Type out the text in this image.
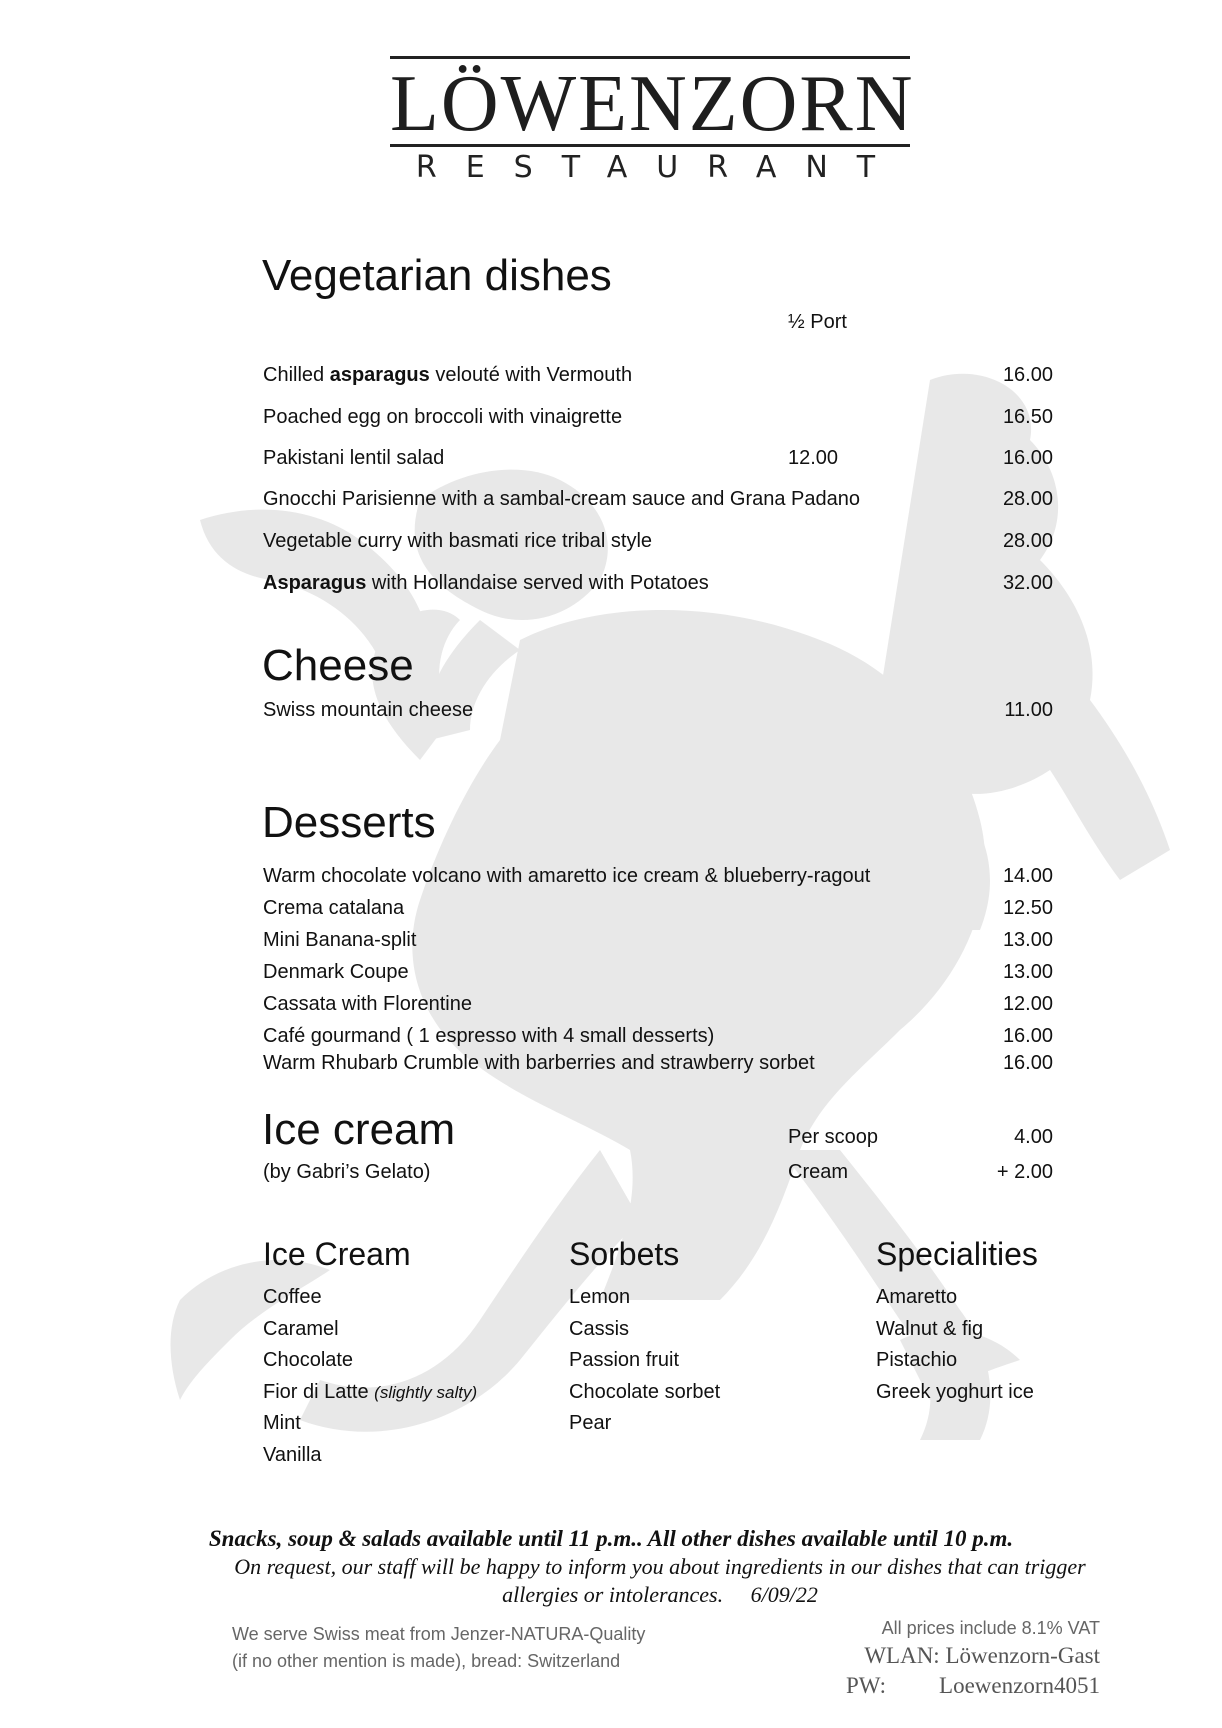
LÖWENZORN
RESTAURANT
Vegetarian dishes
½ Port
Chilled asparagus velouté with Vermouth	16.00
Poached egg on broccoli with vinaigrette	16.50
Pakistani lentil salad	12.00	16.00
Gnocchi Parisienne with a sambal-cream sauce and Grana Padano	28.00
Vegetable curry with basmati rice tribal style	28.00
Asparagus with Hollandaise served with Potatoes	32.00
Cheese
Swiss mountain cheese	11.00
Desserts
Warm chocolate volcano with amaretto ice cream & blueberry-ragout	14.00
Crema catalana	12.50
Mini Banana-split	13.00
Denmark Coupe	13.00
Cassata with Florentine	12.00
Café gourmand ( 1 espresso with 4 small desserts)	16.00
Warm Rhubarb Crumble with barberries and strawberry sorbet	16.00
Ice cream
(by Gabri’s Gelato)
Per scoop	4.00
Cream	+ 2.00
Ice Cream
Coffee
Caramel
Chocolate
Fior di Latte (slightly salty)
Mint
Vanilla
Sorbets
Lemon
Cassis
Passion fruit
Chocolate sorbet
Pear
Specialities
Amaretto
Walnut & fig
Pistachio
Greek yoghurt ice
Snacks, soup & salads available until 11 p.m.. All other dishes available until 10 p.m.
On request, our staff will be happy to inform you about ingredients in our dishes that can trigger
allergies or intolerances. 6/09/22
We serve Swiss meat from Jenzer-NATURA-Quality
(if no other mention is made), bread: Switzerland
All prices include 8.1% VAT
WLAN: Löwenzorn-Gast
PW: Loewenzorn4051
